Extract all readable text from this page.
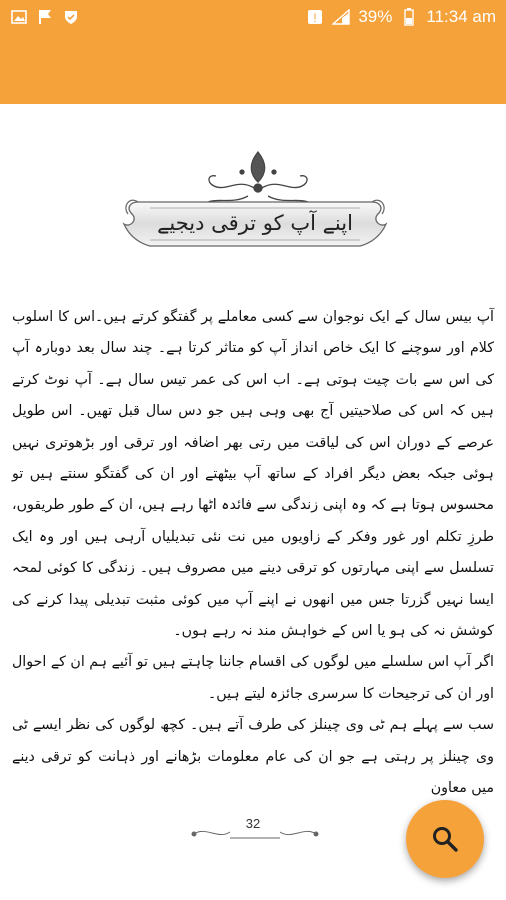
! 39% 11:34 am
اپنے آپ کو ترقی دیجیے

آپ بیس سال کے ایک نوجوان سے کسی معاملے پر گفتگو کرتے ہیں۔اس کا اسلوب کلام اور سوچنے کا ایک خاص انداز آپ کو متاثر کرتا ہے۔ چند سال بعد دوبارہ آپ کی اس سے بات چیت ہوتی ہے۔ اب اس کی عمر تیس سال ہے۔ آپ نوٹ کرتے ہیں کہ اس کی صلاحیتیں آج بھی وہی ہیں جو دس سال قبل تھیں۔ اس طویل عرصے کے دوران اس کی لیاقت میں رتی بھر اضافہ اور ترقی اور بڑھوتری نہیں ہوئی جبکہ بعض دیگر افراد کے ساتھ آپ بیٹھتے اور ان کی گفتگو سنتے ہیں تو محسوس ہوتا ہے کہ وہ اپنی زندگی سے فائدہ اٹھا رہے ہیں، ان کے طور طریقوں، طرزِ تکلم اور غور وفکر کے زاویوں میں نت نئی تبدیلیاں آرہی ہیں اور وہ ایک تسلسل سے اپنی مہارتوں کو ترقی دینے میں مصروف ہیں۔ زندگی کا کوئی لمحہ ایسا نہیں گزرتا جس میں انھوں نے اپنے آپ میں کوئی مثبت تبدیلی پیدا کرنے کی کوشش نہ کی ہو یا اس کے خواہش مند نہ رہے ہوں۔

اگر آپ اس سلسلے میں لوگوں کی اقسام جاننا چاہتے ہیں تو آئیے ہم ان کے احوال اور ان کی ترجیحات کا سرسری جائزہ لیتے ہیں۔

سب سے پہلے ہم ٹی وی چینلز کی طرف آتے ہیں۔ کچھ لوگوں کی نظر ایسے ٹی وی چینلز پر رہتی ہے جو ان کی عام معلومات بڑھانے اور ذہانت کو ترقی دینے میں معاون

32
